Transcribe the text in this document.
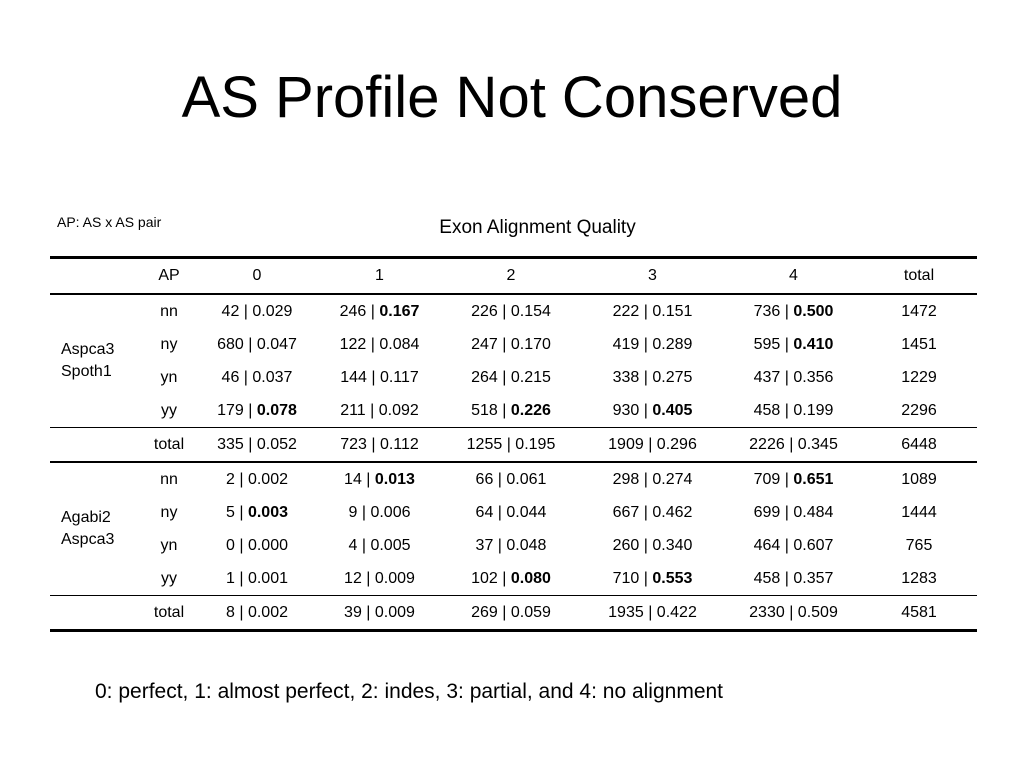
AS Profile Not Conserved
AP: AS x AS pair	Exon Alignment Quality
	AP	0	1	2	3	4	total
Aspca3
Spoth1	nn	42 | 0.029	246 | 0.167	226 | 0.154	222 | 0.151	736 | 0.500	1472
	ny	680 | 0.047	122 | 0.084	247 | 0.170	419 | 0.289	595 | 0.410	1451
	yn	46 | 0.037	144 | 0.117	264 | 0.215	338 | 0.275	437 | 0.356	1229
	yy	179 | 0.078	211 | 0.092	518 | 0.226	930 | 0.405	458 | 0.199	2296
	total	335 | 0.052	723 | 0.112	1255 | 0.195	1909 | 0.296	2226 | 0.345	6448
Agabi2
Aspca3	nn	2 | 0.002	14 | 0.013	66 | 0.061	298 | 0.274	709 | 0.651	1089
	ny	5 | 0.003	9 | 0.006	64 | 0.044	667 | 0.462	699 | 0.484	1444
	yn	0 | 0.000	4 | 0.005	37 | 0.048	260 | 0.340	464 | 0.607	765
	yy	1 | 0.001	12 | 0.009	102 | 0.080	710 | 0.553	458 | 0.357	1283
	total	8 | 0.002	39 | 0.009	269 | 0.059	1935 | 0.422	2330 | 0.509	4581
0: perfect, 1: almost perfect, 2: indes, 3: partial, and 4: no alignment
